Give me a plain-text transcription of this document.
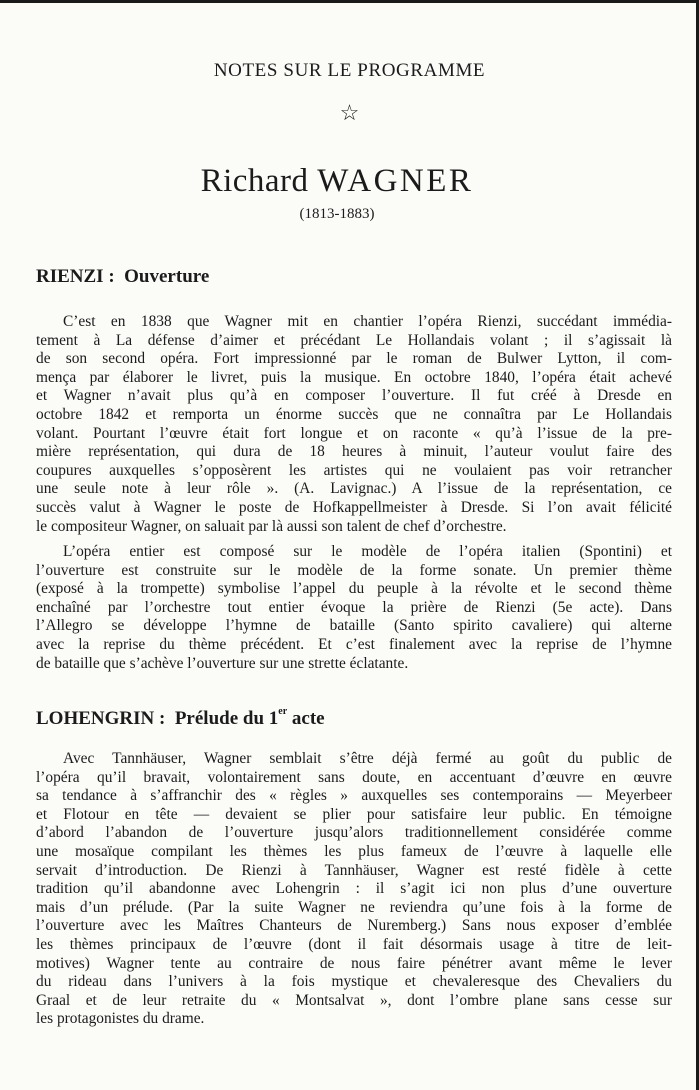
NOTES SUR LE PROGRAMME
☆
Richard WAGNER
(1813-1883)
RIENZI : Ouverture
C’est en 1838 que Wagner mit en chantier l’opéra Rienzi, succédant immédia-
tement à La défense d’aimer et précédant Le Hollandais volant ; il s’agissait là
de son second opéra. Fort impressionné par le roman de Bulwer Lytton, il com-
mença par élaborer le livret, puis la musique. En octobre 1840, l’opéra était achevé
et Wagner n’avait plus qu’à en composer l’ouverture. Il fut créé à Dresde en
octobre 1842 et remporta un énorme succès que ne connaîtra par Le Hollandais
volant. Pourtant l’œuvre était fort longue et on raconte « qu’à l’issue de la pre-
mière représentation, qui dura de 18 heures à minuit, l’auteur voulut faire des
coupures auxquelles s’opposèrent les artistes qui ne voulaient pas voir retrancher
une seule note à leur rôle ». (A. Lavignac.) A l’issue de la représentation, ce
succès valut à Wagner le poste de Hofkappellmeister à Dresde. Si l’on avait félicité
le compositeur Wagner, on saluait par là aussi son talent de chef d’orchestre.
L’opéra entier est composé sur le modèle de l’opéra italien (Spontini) et
l’ouverture est construite sur le modèle de la forme sonate. Un premier thème
(exposé à la trompette) symbolise l’appel du peuple à la révolte et le second thème
enchaîné par l’orchestre tout entier évoque la prière de Rienzi (5e acte). Dans
l’Allegro se développe l’hymne de bataille (Santo spirito cavaliere) qui alterne
avec la reprise du thème précédent. Et c’est finalement avec la reprise de l’hymne
de bataille que s’achève l’ouverture sur une strette éclatante.
LOHENGRIN : Prélude du 1er acte
Avec Tannhäuser, Wagner semblait s’être déjà fermé au goût du public de
l’opéra qu’il bravait, volontairement sans doute, en accentuant d’œuvre en œuvre
sa tendance à s’affranchir des « règles » auxquelles ses contemporains — Meyerbeer
et Flotour en tête — devaient se plier pour satisfaire leur public. En témoigne
d’abord l’abandon de l’ouverture jusqu’alors traditionnellement considérée comme
une mosaïque compilant les thèmes les plus fameux de l’œuvre à laquelle elle
servait d’introduction. De Rienzi à Tannhäuser, Wagner est resté fidèle à cette
tradition qu’il abandonne avec Lohengrin : il s’agit ici non plus d’une ouverture
mais d’un prélude. (Par la suite Wagner ne reviendra qu’une fois à la forme de
l’ouverture avec les Maîtres Chanteurs de Nuremberg.) Sans nous exposer d’emblée
les thèmes principaux de l’œuvre (dont il fait désormais usage à titre de leit-
motives) Wagner tente au contraire de nous faire pénétrer avant même le lever
du rideau dans l’univers à la fois mystique et chevaleresque des Chevaliers du
Graal et de leur retraite du « Montsalvat », dont l’ombre plane sans cesse sur
les protagonistes du drame.
